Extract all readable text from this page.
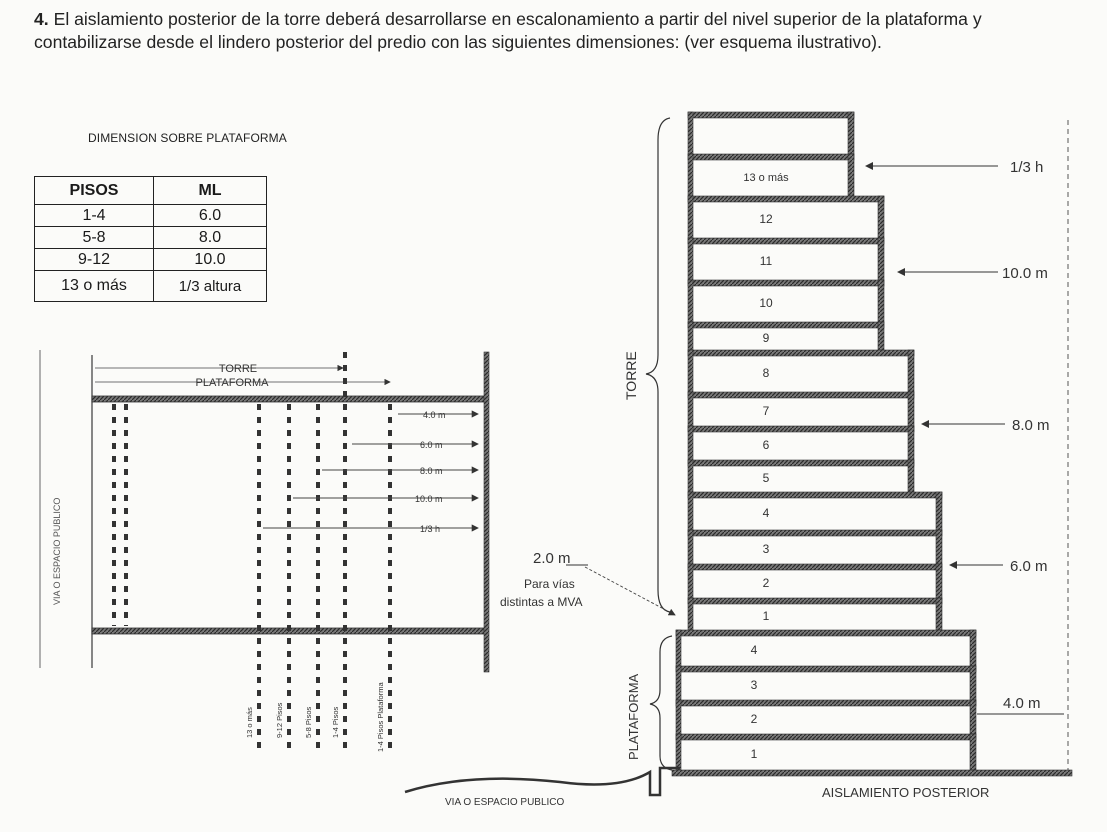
4. El aislamiento posterior de la torre deberá desarrollarse en escalonamiento a partir del nivel superior de la plataforma y contabilizarse desde el lindero posterior del predio con las siguientes dimensiones: (ver esquema ilustrativo).
DIMENSION SOBRE PLATAFORMA
PISOS	ML
1-4	6.0
5-8	8.0
9-12	10.0
13 o más	1/3 altura
TORRE
PLATAFORMA
4.0 m
6.0 m
8.0 m
10.0 m
1/3 h
VIA O ESPACIO PUBLICO
13 o más	9-12 Pisos	5-8 Pisos 1-4 Pisos	1-4 Pisos Plataforma
13 o más
12
11
10
9
8
7
6
5
4
3
2
1
4
3
2
1
1/3 h
10.0 m
8.0 m
6.0 m
4.0 m
TORRE
PLATAFORMA
2.0 m
Para vías
distintas a MVA
VIA O ESPACIO PUBLICO
AISLAMIENTO POSTERIOR
